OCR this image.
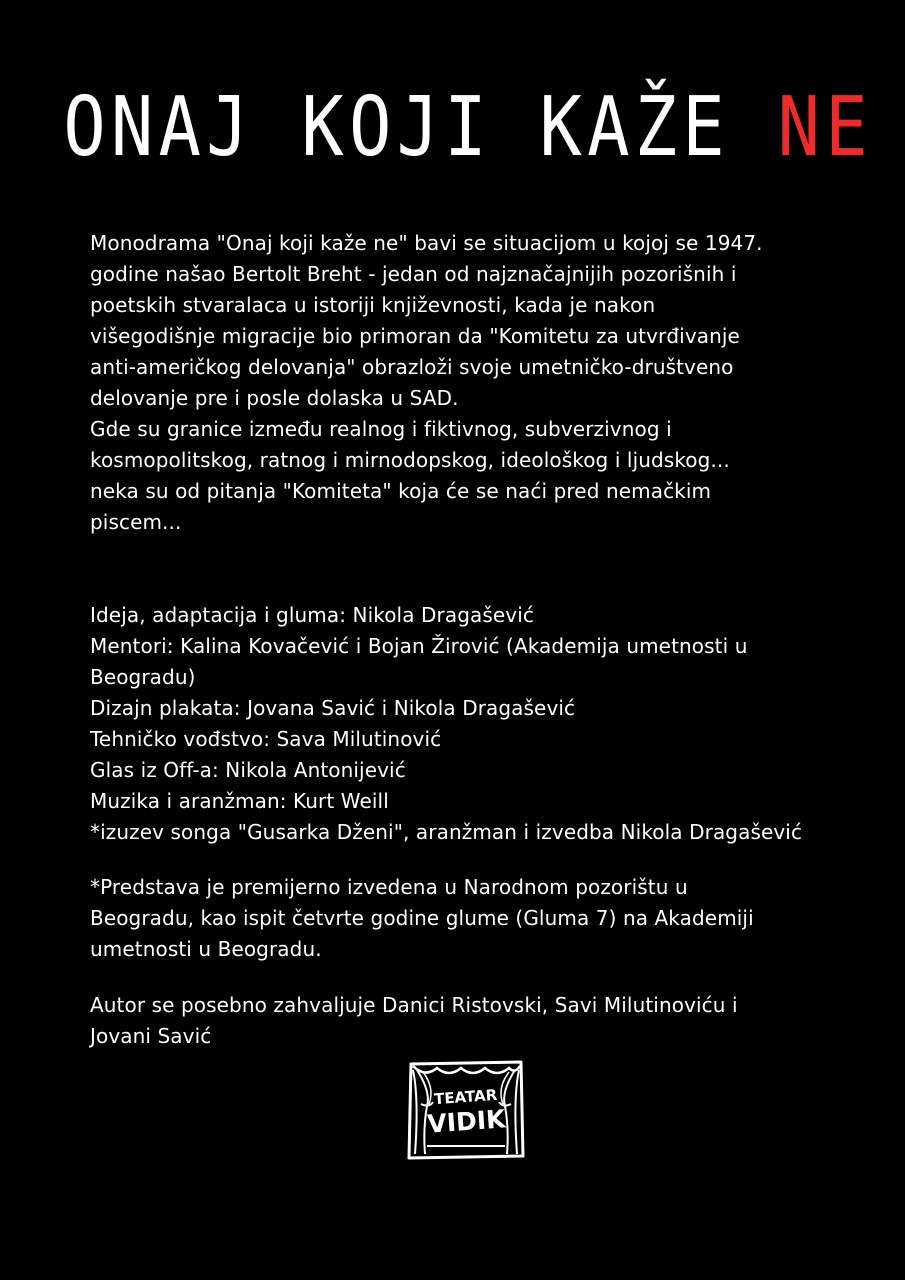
ONAJ KOJI KAŽE NE

Monodrama "Onaj koji kaže ne" bavi se situacijom u kojoj se 1947.

godine našao Bertolt Breht - jedan od najznačajnijih pozorišnih i

poetskih stvaralaca u istoriji književnosti, kada je nakon

višegodišnje migracije bio primoran da "Komitetu za utvrđivanje

anti-američkog delovanja" obrazloži svoje umetničko-društveno

delovanje pre i posle dolaska u SAD.

Gde su granice između realnog i fiktivnog, subverzivnog i

kosmopolitskog, ratnog i mirnodopskog, ideološkog i ljudskog...

neka su od pitanja "Komiteta" koja će se naći pred nemačkim

piscem...

Ideja, adaptacija i gluma: Nikola Dragašević

Mentori: Kalina Kovačević i Bojan Žirović (Akademija umetnosti u

Beogradu)

Dizajn plakata: Jovana Savić i Nikola Dragašević

Tehničko vođstvo: Sava Milutinović

Glas iz Off-a: Nikola Antonijević

Muzika i aranžman: Kurt Weill

*izuzev songa "Gusarka Dženi", aranžman i izvedba Nikola Dragašević

*Predstava je premijerno izvedena u Narodnom pozorištu u

Beogradu, kao ispit četvrte godine glume (Gluma 7) na Akademiji

umetnosti u Beogradu.

Autor se posebno zahvaljuje Danici Ristovski, Savi Milutinoviću i

Jovani Savić

TEATAR
VIDIK
